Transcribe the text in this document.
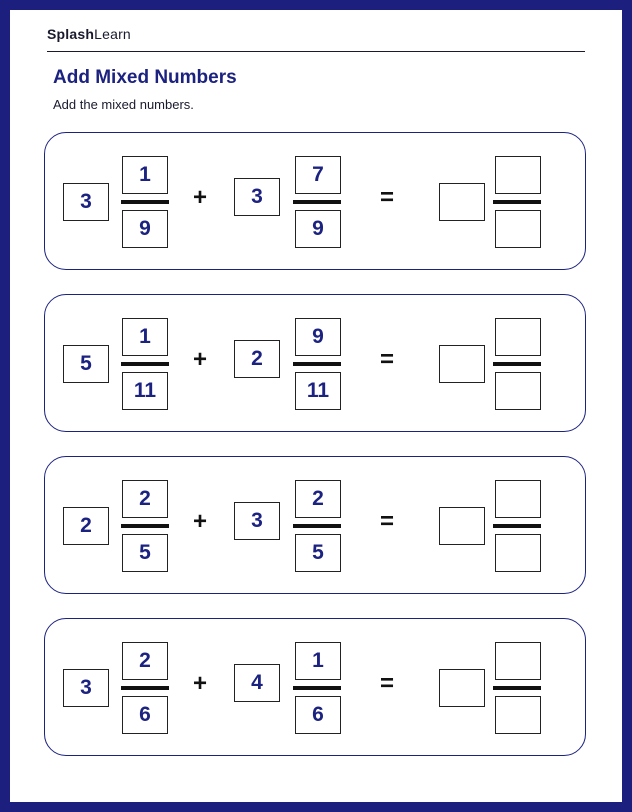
SplashLearn
Add Mixed Numbers
Add the mixed numbers.
3
1
9
+	3
7
9
=
5
1
11
+	2
9
11
=
2
2
5
+	3
2
5
=
3
2
6
+	4
1
6
=
